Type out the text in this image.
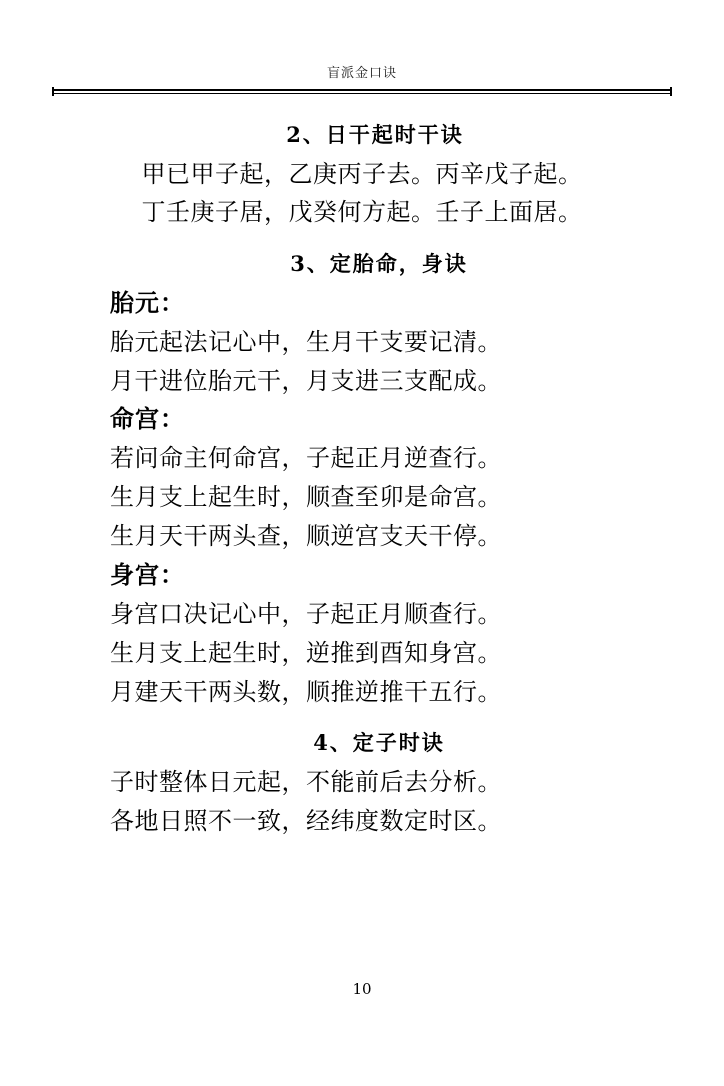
盲派金口诀
2、日干起时干诀
甲已甲子起，乙庚丙子去。丙辛戊子起。
丁壬庚子居，戊癸何方起。壬子上面居。
3、定胎命，身诀
胎元：
胎元起法记心中，生月干支要记清。
月干进位胎元干，月支进三支配成。
命宫：
若问命主何命宫，子起正月逆查行。
生月支上起生时，顺查至卯是命宫。
生月天干两头查，顺逆宫支天干停。
身宫：
身宫口决记心中，子起正月顺查行。
生月支上起生时，逆推到酉知身宫。
月建天干两头数，顺推逆推干五行。
4、定子时诀
子时整体日元起，不能前后去分析。
各地日照不一致，经纬度数定时区。
10
